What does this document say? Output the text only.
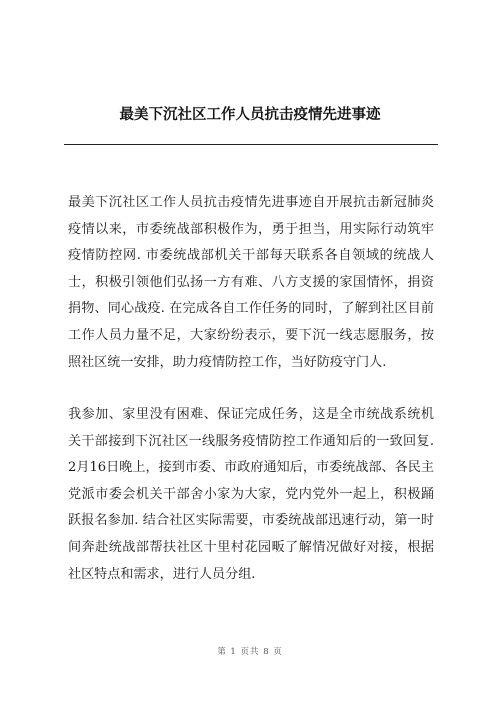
最美下沉社区工作人员抗击疫情先进事迹
最美下沉社区工作人员抗击疫情先进事迹自开展抗击新冠肺炎疫情以来，市委统战部积极作为，勇于担当，用实际行动筑牢疫情防控网. 市委统战部机关干部每天联系各自领域的统战人士，积极引领他们弘扬一方有难、八方支援的家国情怀，捐资捐物、同心战疫. 在完成各自工作任务的同时，了解到社区目前工作人员力量不足，大家纷纷表示，要下沉一线志愿服务，按照社区统一安排，助力疫情防控工作，当好防疫守门人.
我参加、家里没有困难、保证完成任务，这是全市统战系统机关干部接到下沉社区一线服务疫情防控工作通知后的一致回复. 2月16日晚上，接到市委、市政府通知后，市委统战部、各民主党派市委会机关干部舍小家为大家，党内党外一起上，积极踊跃报名参加. 结合社区实际需要，市委统战部迅速行动，第一时间奔赴统战部帮扶社区十里村花园畈了解情况做好对接，根据社区特点和需求，进行人员分组.
第 1 页共 8 页
